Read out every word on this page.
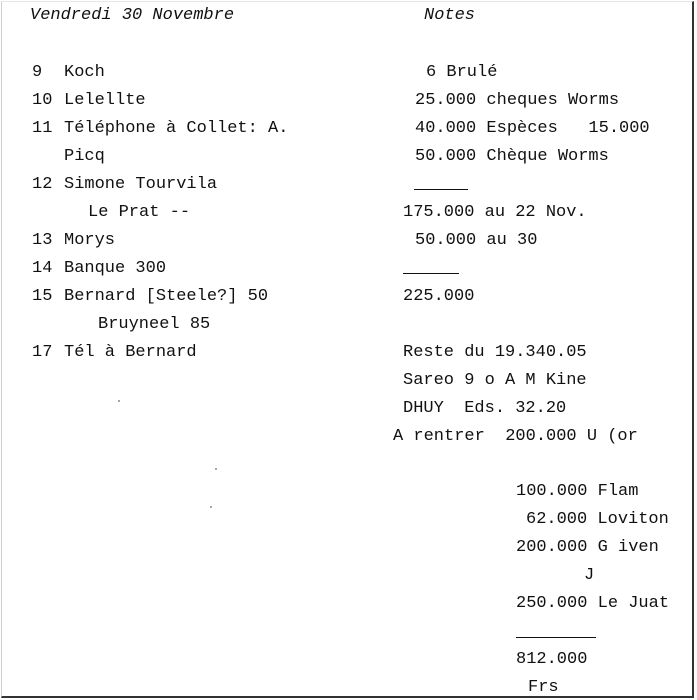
Vendredi 30 Novembre	Notes
9 Koch
10 Lelellte
11 Téléphone à Collet: A.
Picq
12 Simone Tourvila
Le Prat --
13 Morys
14 Banque 300
15 Bernard [Steele?] 50
Bruyneel 85
17 Tél à Bernard
6 Brulé
25.000 cheques Worms
40.000 Espèces   15.000
50.000 Chèque Worms
175.000 au 22 Nov.
50.000 au 30
225.000
Reste du 19.340.05
Sareo 9 o A M Kine
DHUY  Eds. 32.20
A rentrer  200.000 U (or
100.000 Flam
62.000 Loviton
200.000 G iven
J
250.000 Le Juat
812.000
Frs
